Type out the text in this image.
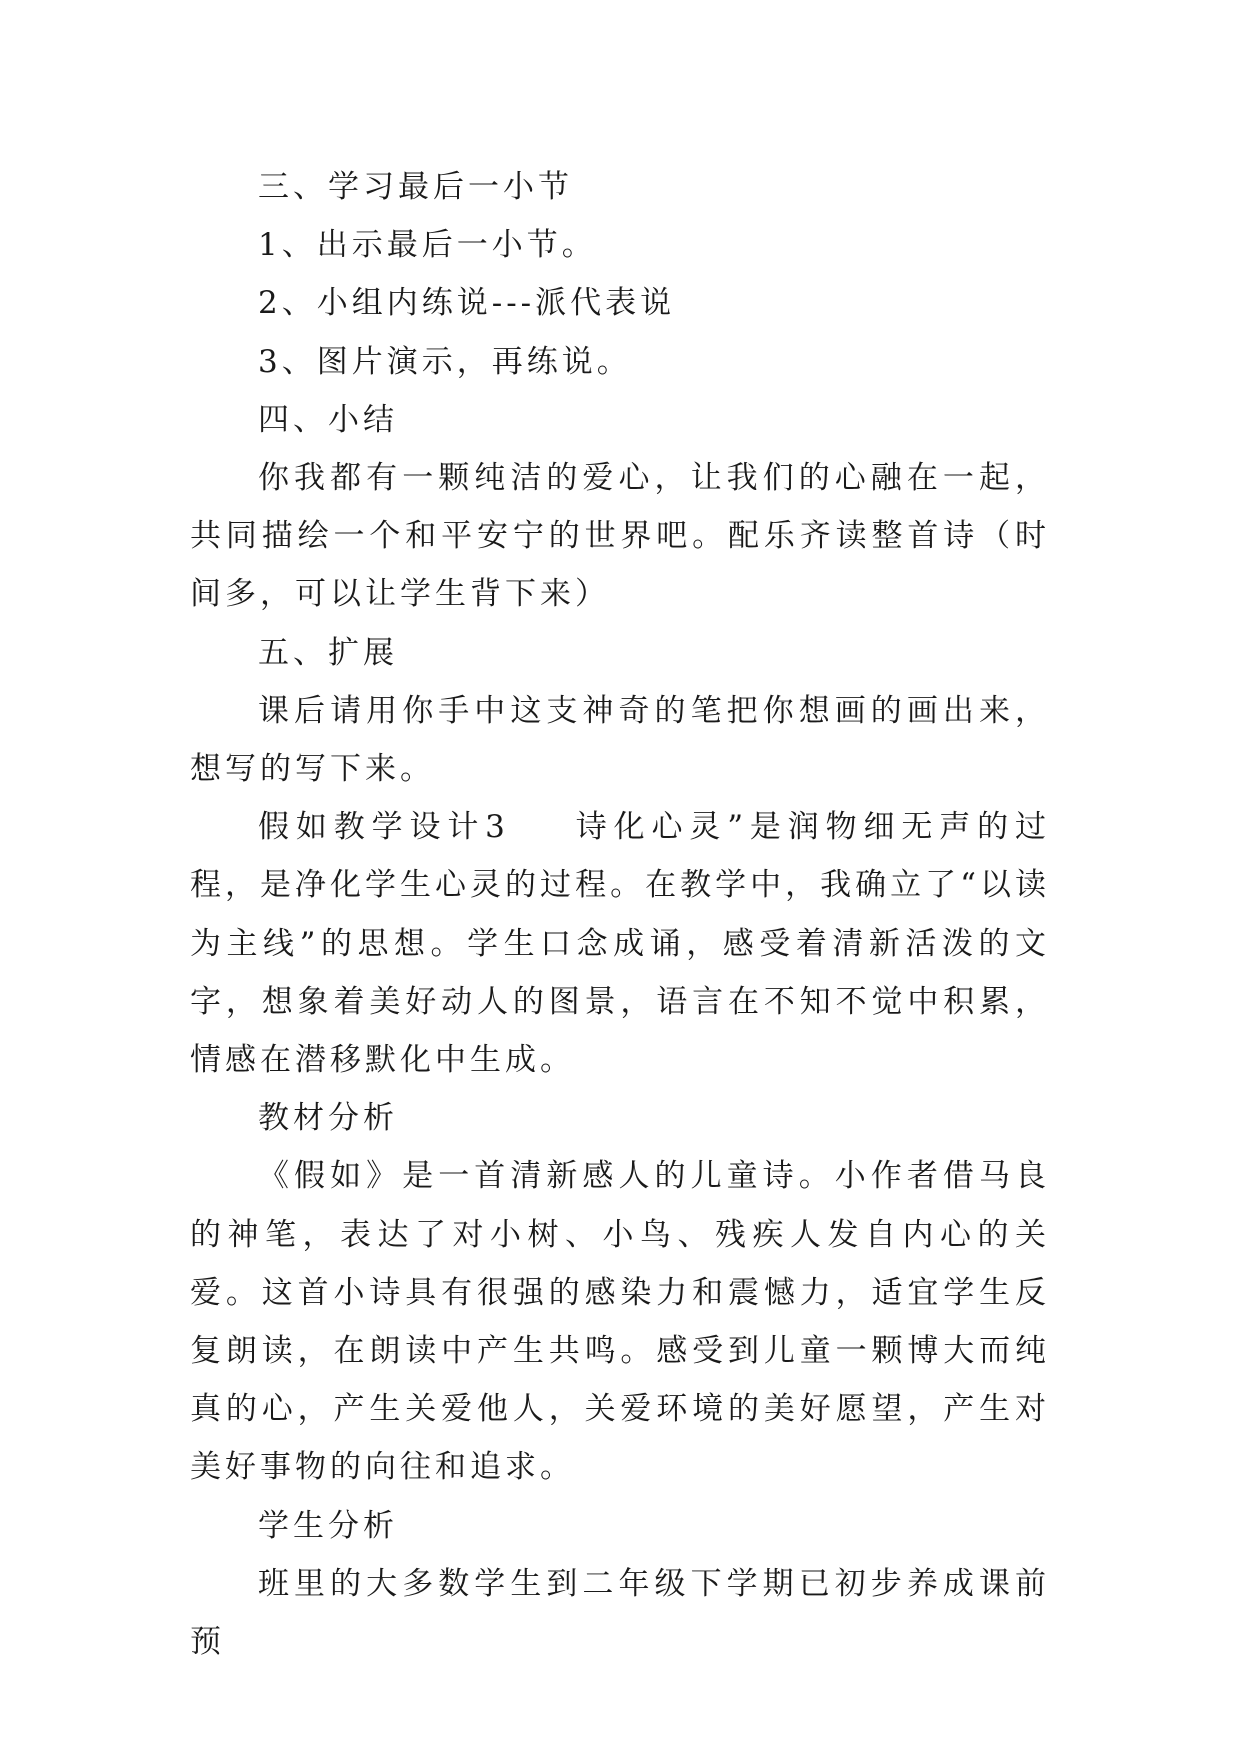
三、学习最后一小节

1、出示最后一小节。

2、小组内练说---派代表说

3、图片演示，再练说。

四、小结

你我都有一颗纯洁的爱心，让我们的心融在一起，共同描绘一个和平安宁的世界吧。配乐齐读整首诗（时间多，可以让学生背下来）

五、扩展

课后请用你手中这支神奇的笔把你想画的画出来，想写的写下来。

假如教学设计3 诗化心灵”是润物细无声的过程，是净化学生心灵的过程。在教学中，我确立了“以读为主线”的思想。学生口念成诵，感受着清新活泼的文字，想象着美好动人的图景，语言在不知不觉中积累，情感在潜移默化中生成。

教材分析

《假如》是一首清新感人的儿童诗。小作者借马良的神笔，表达了对小树、小鸟、残疾人发自内心的关爱。这首小诗具有很强的感染力和震憾力，适宜学生反复朗读，在朗读中产生共鸣。感受到儿童一颗博大而纯真的心，产生关爱他人，关爱环境的美好愿望，产生对美好事物的向往和追求。

学生分析

班里的大多数学生到二年级下学期已初步养成课前预
